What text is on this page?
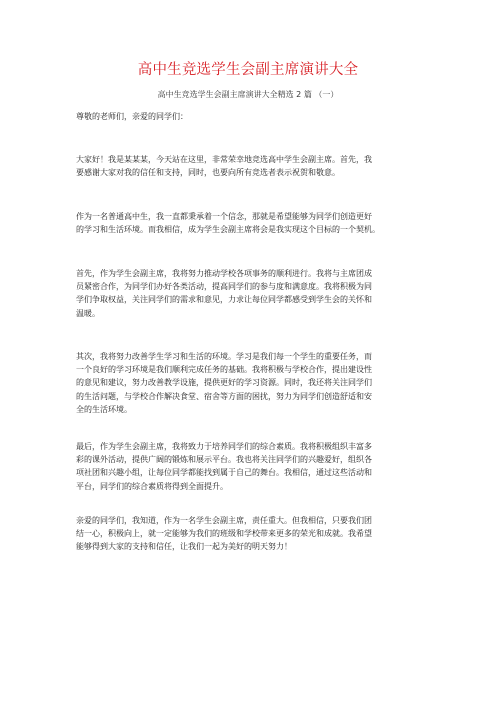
高中生竞选学生会副主席演讲大全
高中生竞选学生会副主席演讲大全精选 2 篇 （一）

尊敬的老师们，亲爱的同学们：

大家好！我是某某某，今天站在这里，非常荣幸地竞选高中学生会副主席。首先，我
要感谢大家对我的信任和支持，同时，也要向所有竞选者表示祝贺和敬意。

作为一名普通高中生，我一直都秉承着一个信念，那就是希望能够为同学们创造更好
的学习和生活环境。而我相信，成为学生会副主席将会是我实现这个目标的一个契机。

首先，作为学生会副主席，我将努力推动学校各项事务的顺利进行。我将与主席团成
员紧密合作，为同学们办好各类活动，提高同学们的参与度和满意度。我将积极为同
学们争取权益，关注同学们的需求和意见，力求让每位同学都感受到学生会的关怀和
温暖。

其次，我将努力改善学生学习和生活的环境。学习是我们每一个学生的重要任务，而
一个良好的学习环境是我们顺利完成任务的基础。我将积极与学校合作，提出建设性
的意见和建议，努力改善教学设施，提供更好的学习资源。同时，我还将关注同学们
的生活问题，与学校合作解决食堂、宿舍等方面的困扰，努力为同学们创造舒适和安
全的生活环境。

最后，作为学生会副主席，我将致力于培养同学们的综合素质。我将积极组织丰富多
彩的课外活动，提供广阔的锻炼和展示平台。我也将关注同学们的兴趣爱好，组织各
项社团和兴趣小组，让每位同学都能找到属于自己的舞台。我相信，通过这些活动和
平台，同学们的综合素质将得到全面提升。

亲爱的同学们，我知道，作为一名学生会副主席，责任重大。但我相信，只要我们团
结一心，积极向上，就一定能够为我们的班级和学校带来更多的荣光和成就。我希望
能够得到大家的支持和信任，让我们一起为美好的明天努力！
